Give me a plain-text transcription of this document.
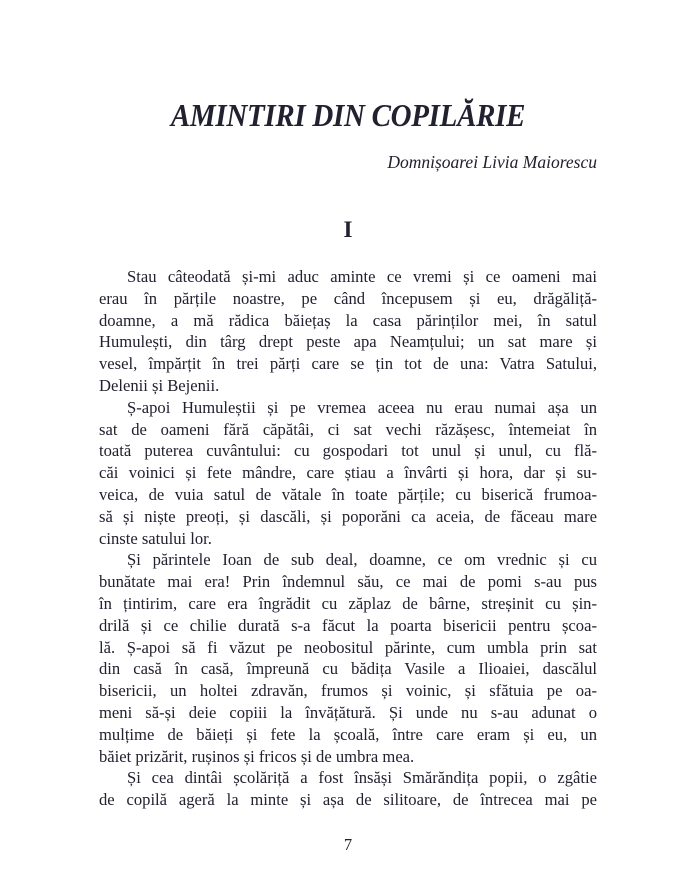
AMINTIRI DIN COPILĂRIE
Domnișoarei Livia Maiorescu
I
Stau câteodată și-mi aduc aminte ce vremi și ce oameni mai
erau în părțile noastre, pe când începusem și eu, drăgăliță-
doamne, a mă rădica băiețaș la casa părinților mei, în satul
Humulești, din târg drept peste apa Neamțului; un sat mare și
vesel, împărțit în trei părți care se țin tot de una: Vatra Satului,
Delenii și Bejenii.
Ș-apoi Humuleștii și pe vremea aceea nu erau numai așa un
sat de oameni fără căpătâi, ci sat vechi răzășesc, întemeiat în
toată puterea cuvântului: cu gospodari tot unul și unul, cu flă-
căi voinici și fete mândre, care știau a învârti și hora, dar și su-
veica, de vuia satul de vătale în toate părțile; cu biserică frumoa-
să și niște preoți, și dascăli, și poporăni ca aceia, de făceau mare
cinste satului lor.
Și părintele Ioan de sub deal, doamne, ce om vrednic și cu
bunătate mai era! Prin îndemnul său, ce mai de pomi s-au pus
în țintirim, care era îngrădit cu zăplaz de bârne, streșinit cu șin-
drilă și ce chilie durată s-a făcut la poarta bisericii pentru școa-
lă. Ș-apoi să fi văzut pe neobositul părinte, cum umbla prin sat
din casă în casă, împreună cu bădița Vasile a Ilioaiei, dascălul
bisericii, un holtei zdravăn, frumos și voinic, și sfătuia pe oa-
meni să-și deie copiii la învățătură. Și unde nu s-au adunat o
mulțime de băieți și fete la școală, între care eram și eu, un
băiet prizărit, rușinos și fricos și de umbra mea.
Și cea dintâi școlăriță a fost însăși Smărăndița popii, o zgâtie
de copilă ageră la minte și așa de silitoare, de întrecea mai pe
7
